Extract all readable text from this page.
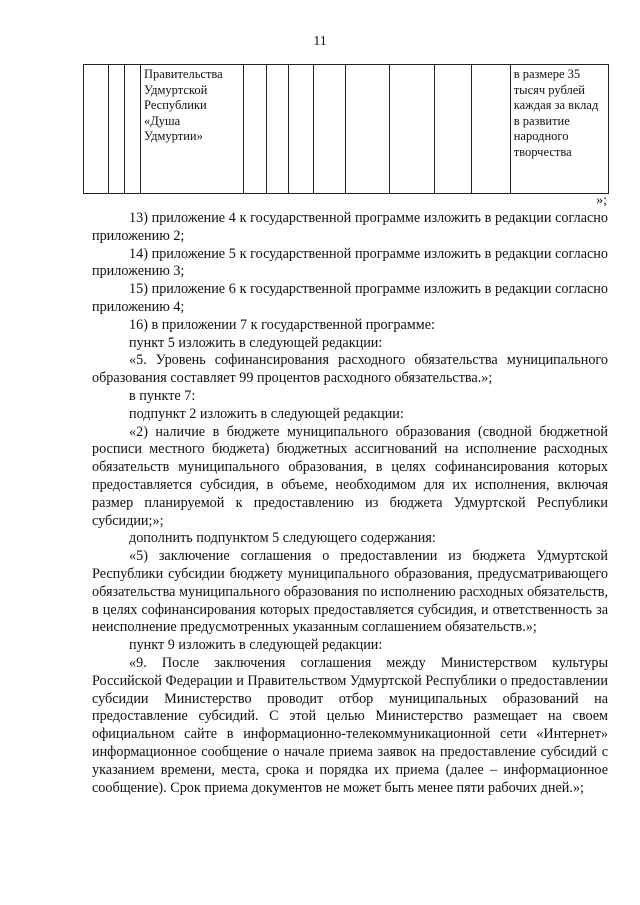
11
			Правительства Удмуртской Республики «Душа Удмуртии»									в размере 35 тысяч рублей каждая за вклад в развитие народного творчества
»;

13) приложение 4 к государственной программе изложить в редакции согласно приложению 2;

14) приложение 5 к государственной программе изложить в редакции согласно приложению 3;

15) приложение 6 к государственной программе изложить в редакции согласно приложению 4;

16) в приложении 7 к государственной программе:

пункт 5 изложить в следующей редакции:

«5. Уровень софинансирования расходного обязательства муниципального образования составляет 99 процентов расходного обязательства.»;

в пункте 7:

подпункт 2 изложить в следующей редакции:

«2) наличие в бюджете муниципального образования (сводной бюджетной росписи местного бюджета) бюджетных ассигнований на исполнение расходных обязательств муниципального образования, в целях софинансирования которых предоставляется субсидия, в объеме, необходимом для их исполнения, включая размер планируемой к предоставлению из бюджета Удмуртской Республики субсидии;»;

дополнить подпунктом 5 следующего содержания:

«5) заключение соглашения о предоставлении из бюджета Удмуртской Республики субсидии бюджету муниципального образования, предусматривающего обязательства муниципального образования по исполнению расходных обязательств, в целях софинансирования которых предоставляется субсидия, и ответственность за неисполнение предусмотренных указанным соглашением обязательств.»;

пункт 9 изложить в следующей редакции:

«9. После заключения соглашения между Министерством культуры Российской Федерации и Правительством Удмуртской Республики о предоставлении субсидии Министерство проводит отбор муниципальных образований на предоставление субсидий. С этой целью Министерство размещает на своем официальном сайте в информационно-телекоммуникационной сети «Интернет» информационное сообщение о начале приема заявок на предоставление субсидий с указанием времени, места, срока и порядка их приема (далее – информационное сообщение). Срок приема документов не может быть менее пяти рабочих дней.»;
